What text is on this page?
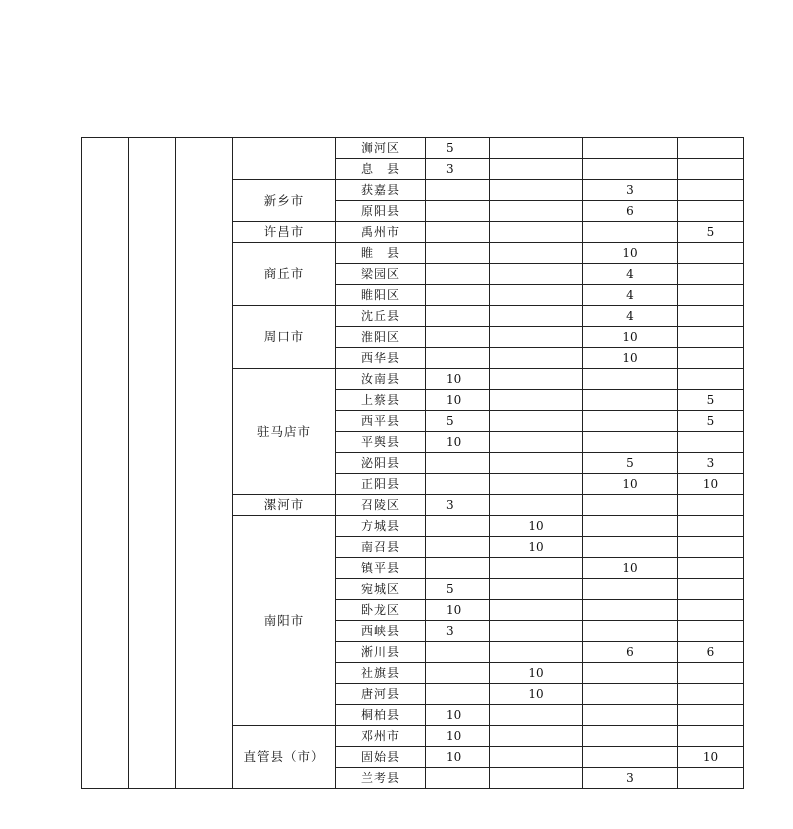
				浉河区	5			
				息　县	3			
			新乡市	获嘉县			3	
				原阳县			6	
			许昌市	禹州市				5
			商丘市	睢　县			10	
				梁园区			4	
				睢阳区			4	
			周口市	沈丘县			4	
				淮阳区			10	
				西华县			10	
			驻马店市	汝南县	10			
				上蔡县	10			5
				西平县	5			5
				平舆县	10			
				泌阳县			5	3
				正阳县			10	10
			漯河市	召陵区	3			
			南阳市	方城县		10		
				南召县		10		
				镇平县			10	
				宛城区	5			
				卧龙区	10			
				西峡县	3			
				淅川县			6	6
				社旗县		10		
				唐河县		10		
				桐柏县	10			
			直管县（市）	邓州市	10			
				固始县	10			10
				兰考县			3	
